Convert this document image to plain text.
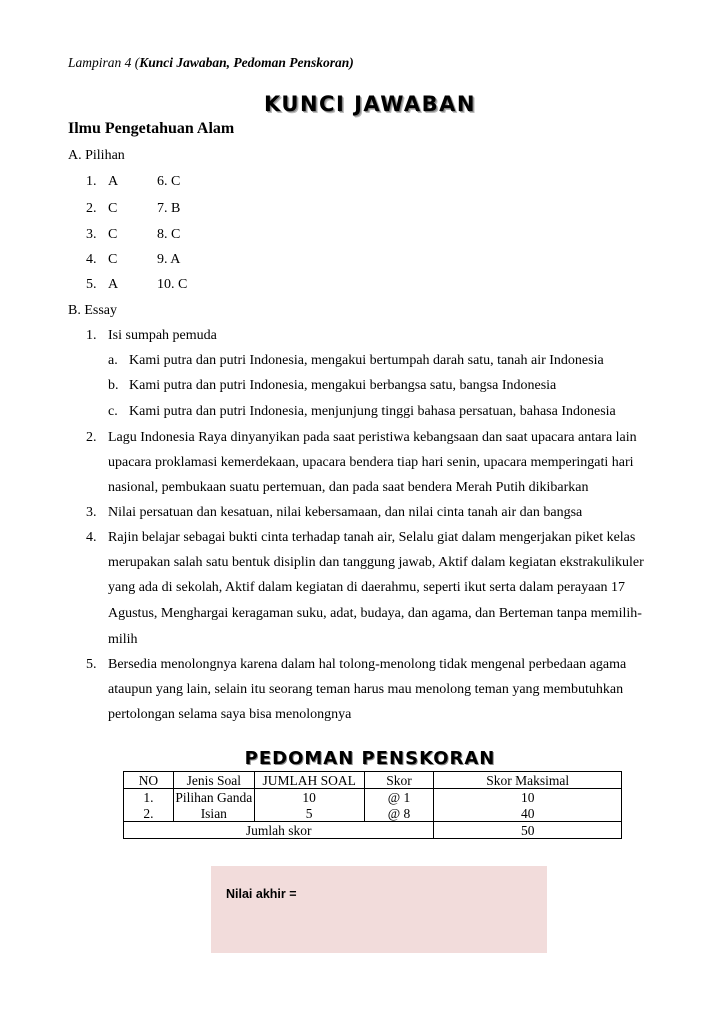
Lampiran 4 (Kunci Jawaban, Pedoman Penskoran)
KUNCI JAWABAN
Ilmu Pengetahuan Alam
A. Pilihan
1. A	6. C
2. C	7. B
3. C	8. C
4. C	9. A
5. A	10. C
B. Essay
1. Isi sumpah pemuda
a. Kami putra dan putri Indonesia, mengakui bertumpah darah satu, tanah air Indonesia
b. Kami putra dan putri Indonesia, mengakui berbangsa satu, bangsa Indonesia
c. Kami putra dan putri Indonesia, menjunjung tinggi bahasa persatuan, bahasa Indonesia
2. Lagu Indonesia Raya dinyanyikan pada saat peristiwa kebangsaan dan saat upacara antara lain
upacara proklamasi kemerdekaan, upacara bendera tiap hari senin, upacara memperingati hari
nasional, pembukaan suatu pertemuan, dan pada saat bendera Merah Putih dikibarkan
3. Nilai persatuan dan kesatuan, nilai kebersamaan, dan nilai cinta tanah air dan bangsa
4. Rajin belajar sebagai bukti cinta terhadap tanah air, Selalu giat dalam mengerjakan piket kelas
merupakan salah satu bentuk disiplin dan tanggung jawab, Aktif dalam kegiatan ekstrakulikuler
yang ada di sekolah, Aktif dalam kegiatan di daerahmu, seperti ikut serta dalam perayaan 17
Agustus, Menghargai keragaman suku, adat, budaya, dan agama, dan Berteman tanpa memilih-
milih
5. Bersedia menolongnya karena dalam hal tolong-menolong tidak mengenal perbedaan agama
ataupun yang lain, selain itu seorang teman harus mau menolong teman yang membutuhkan
pertolongan selama saya bisa menolongnya
PEDOMAN PENSKORAN
NO	Jenis Soal	JUMLAH SOAL	Skor	Skor Maksimal
1.	Pilihan Ganda	10	@ 1	10
2.	Isian	5	@ 8	40
Jumlah skor				50
Nilai akhir =
